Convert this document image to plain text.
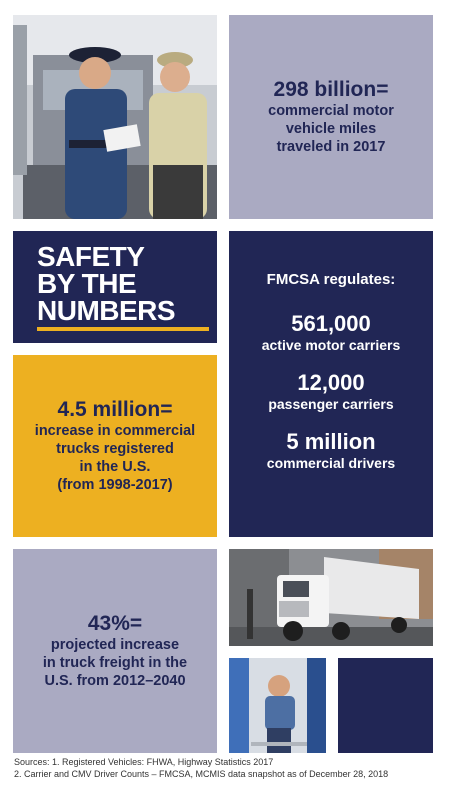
298 billion=
commercial motor
vehicle miles
traveled in 2017
SAFETY
BY THE
NUMBERS
FMCSA regulates:
561,000
active motor carriers
12,000
passenger carriers
5 million
commercial drivers
4.5 million=
increase in commercial
trucks registered
in the U.S.
(from 1998-2017)
43%=
projected increase
in truck freight in the
U.S. from 2012–2040
Sources: 1. Registered Vehicles: FHWA, Highway Statistics 2017
2. Carrier and CMV Driver Counts – FMCSA, MCMIS data snapshot as of December 28, 2018
